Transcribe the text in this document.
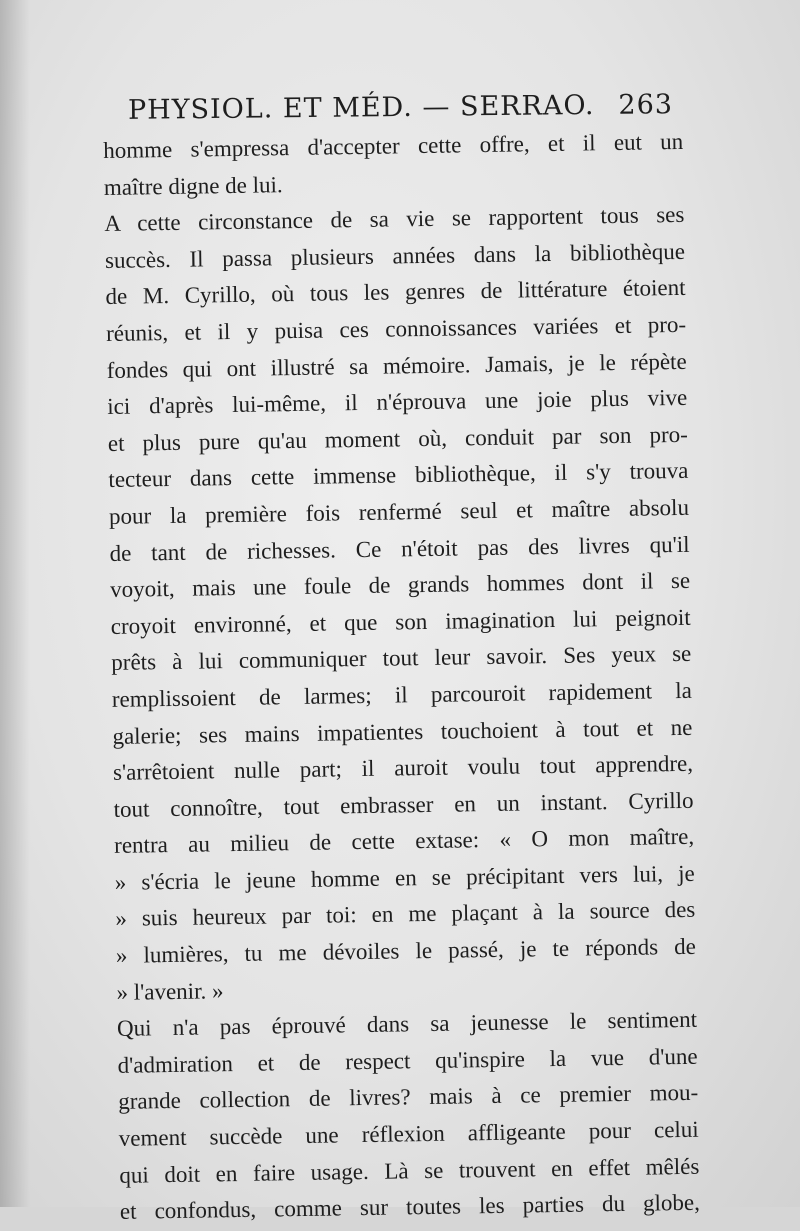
PHYSIOL. ET MÉD. — SERRAO. 263
homme s'empressa d'accepter cette offre, et il eut un
maître digne de lui.
A cette circonstance de sa vie se rapportent tous ses
succès. Il passa plusieurs années dans la bibliothèque
de M. Cyrillo, où tous les genres de littérature étoient
réunis, et il y puisa ces connoissances variées et pro-
fondes qui ont illustré sa mémoire. Jamais, je le répète
ici d'après lui-même, il n'éprouva une joie plus vive
et plus pure qu'au moment où, conduit par son pro-
tecteur dans cette immense bibliothèque, il s'y trouva
pour la première fois renfermé seul et maître absolu
de tant de richesses. Ce n'étoit pas des livres qu'il
voyoit, mais une foule de grands hommes dont il se
croyoit environné, et que son imagination lui peignoit
prêts à lui communiquer tout leur savoir. Ses yeux se
remplissoient de larmes; il parcouroit rapidement la
galerie; ses mains impatientes touchoient à tout et ne
s'arrêtoient nulle part; il auroit voulu tout apprendre,
tout connoître, tout embrasser en un instant. Cyrillo
rentra au milieu de cette extase: « O mon maître,
» s'écria le jeune homme en se précipitant vers lui, je
» suis heureux par toi: en me plaçant à la source des
» lumières, tu me dévoiles le passé, je te réponds de
» l'avenir. »
Qui n'a pas éprouvé dans sa jeunesse le sentiment
d'admiration et de respect qu'inspire la vue d'une
grande collection de livres? mais à ce premier mou-
vement succède une réflexion affligeante pour celui
qui doit en faire usage. Là se trouvent en effet mêlés
et confondus, comme sur toutes les parties du globe,
